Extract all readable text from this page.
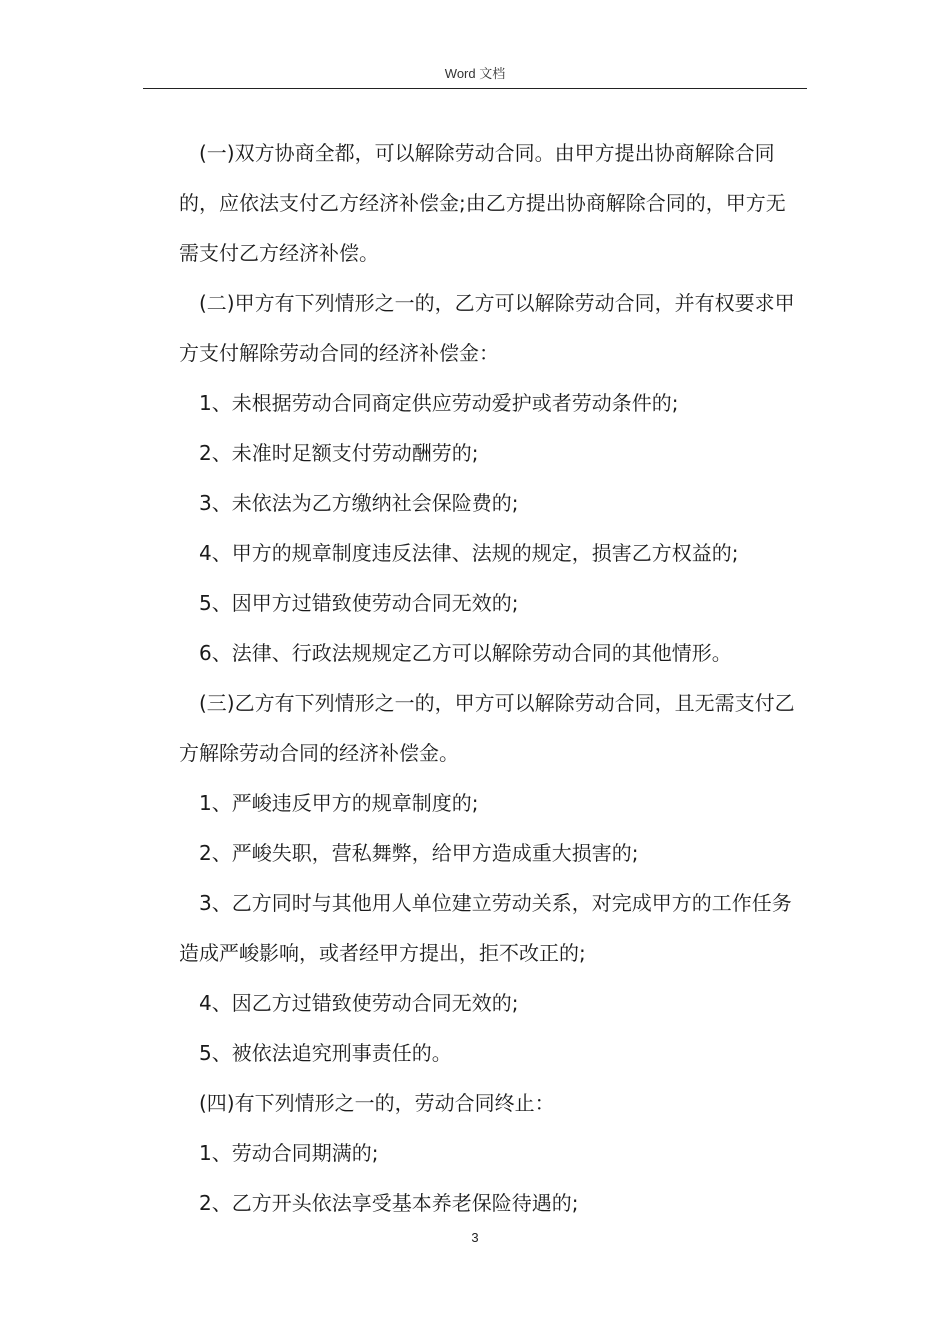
Word 文档

(一)双方协商全都，可以解除劳动合同。由甲方提出协商解除合同的，应依法支付乙方经济补偿金;由乙方提出协商解除合同的，甲方无需支付乙方经济补偿。

(二)甲方有下列情形之一的，乙方可以解除劳动合同，并有权要求甲方支付解除劳动合同的经济补偿金：

1、未根据劳动合同商定供应劳动爱护或者劳动条件的;

2、未准时足额支付劳动酬劳的;

3、未依法为乙方缴纳社会保险费的;

4、甲方的规章制度违反法律、法规的规定，损害乙方权益的;

5、因甲方过错致使劳动合同无效的;

6、法律、行政法规规定乙方可以解除劳动合同的其他情形。

(三)乙方有下列情形之一的，甲方可以解除劳动合同，且无需支付乙方解除劳动合同的经济补偿金。

1、严峻违反甲方的规章制度的;

2、严峻失职，营私舞弊，给甲方造成重大损害的;

3、乙方同时与其他用人单位建立劳动关系，对完成甲方的工作任务造成严峻影响，或者经甲方提出，拒不改正的;

4、因乙方过错致使劳动合同无效的;

5、被依法追究刑事责任的。

(四)有下列情形之一的，劳动合同终止：

1、劳动合同期满的;

2、乙方开头依法享受基本养老保险待遇的;

3
